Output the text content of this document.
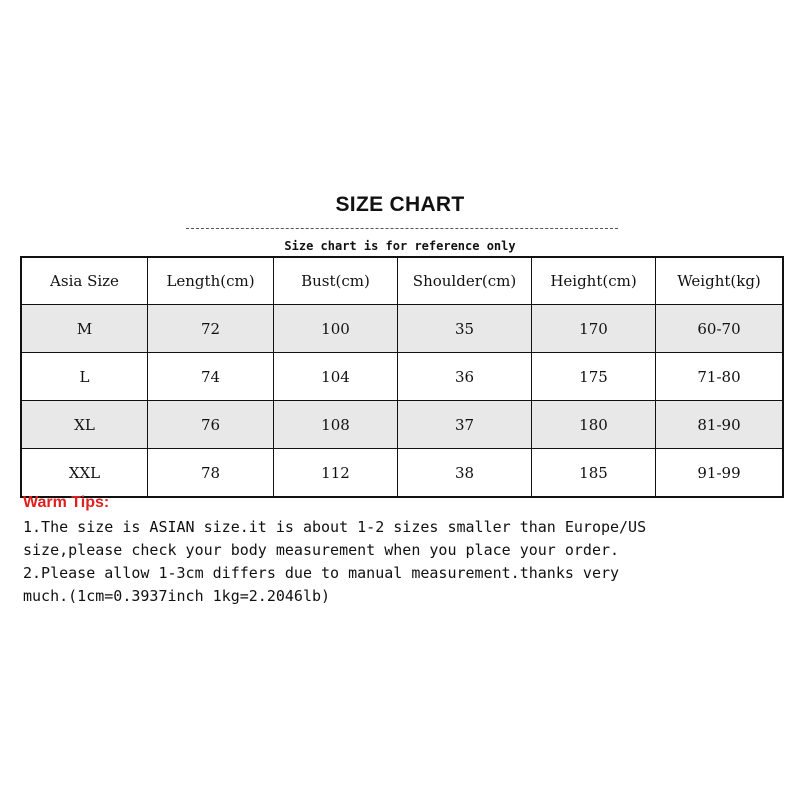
SIZE CHART
Size chart is for reference only
Asia Size	Length(cm)	Bust(cm)	Shoulder(cm)	Height(cm)	Weight(kg)
M	72	100	35	170	60-70
L	74	104	36	175	71-80
XL	76	108	37	180	81-90
XXL	78	112	38	185	91-99
Warm Tips:
1.The size is ASIAN size.it is about 1-2 sizes smaller than Europe/US
size,please check your body measurement when you place your order.
2.Please allow 1-3cm differs due to manual measurement.thanks very
much.(1cm=0.3937inch 1kg=2.2046lb)
